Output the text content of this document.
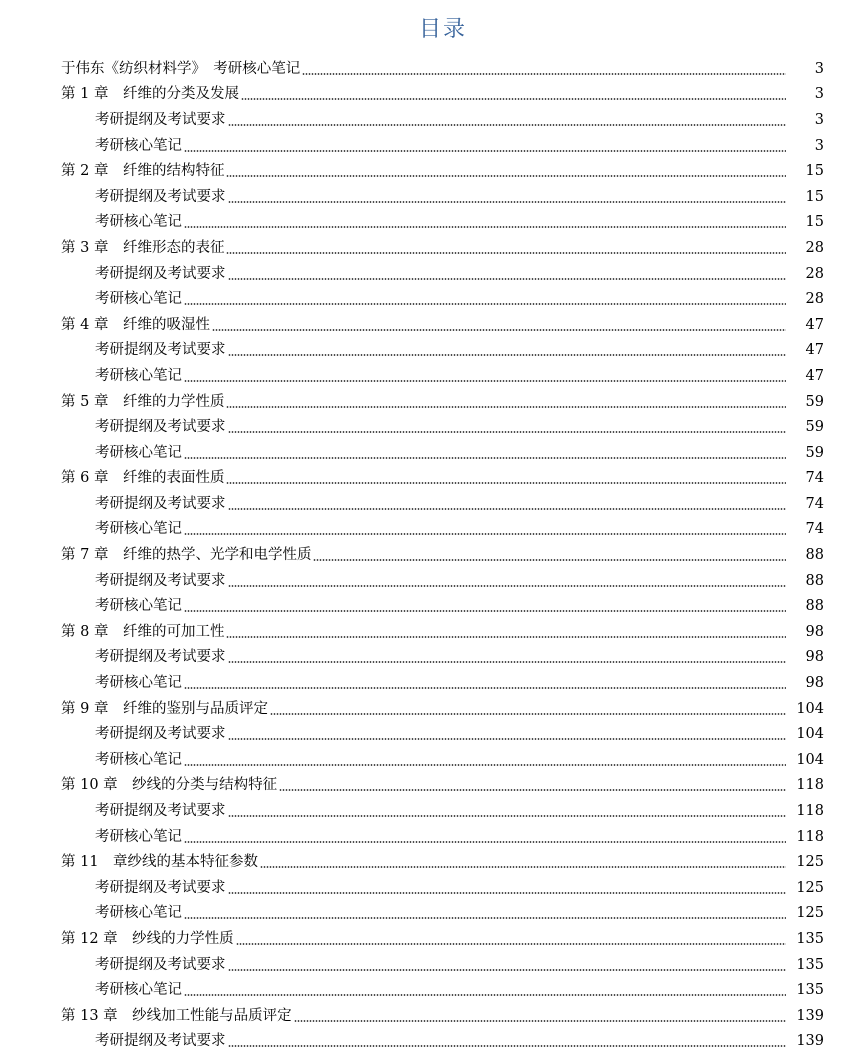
目录
于伟东《纺织材料学》　考研核心笔记	3
第 1 章　纤维的分类及发展	3
考研提纲及考试要求	3
考研核心笔记	3
第 2 章　纤维的结构特征	15
考研提纲及考试要求	15
考研核心笔记	15
第 3 章　纤维形态的表征	28
考研提纲及考试要求	28
考研核心笔记	28
第 4 章　纤维的吸湿性	47
考研提纲及考试要求	47
考研核心笔记	47
第 5 章　纤维的力学性质	59
考研提纲及考试要求	59
考研核心笔记	59
第 6 章　纤维的表面性质	74
考研提纲及考试要求	74
考研核心笔记	74
第 7 章　纤维的热学、光学和电学性质	88
考研提纲及考试要求	88
考研核心笔记	88
第 8 章　纤维的可加工性	98
考研提纲及考试要求	98
考研核心笔记	98
第 9 章　纤维的鉴别与品质评定	104
考研提纲及考试要求	104
考研核心笔记	104
第 10 章　纱线的分类与结构特征	118
考研提纲及考试要求	118
考研核心笔记	118
第 11　章纱线的基本特征参数	125
考研提纲及考试要求	125
考研核心笔记	125
第 12 章　纱线的力学性质	135
考研提纲及考试要求	135
考研核心笔记	135
第 13 章　纱线加工性能与品质评定	139
考研提纲及考试要求	139
